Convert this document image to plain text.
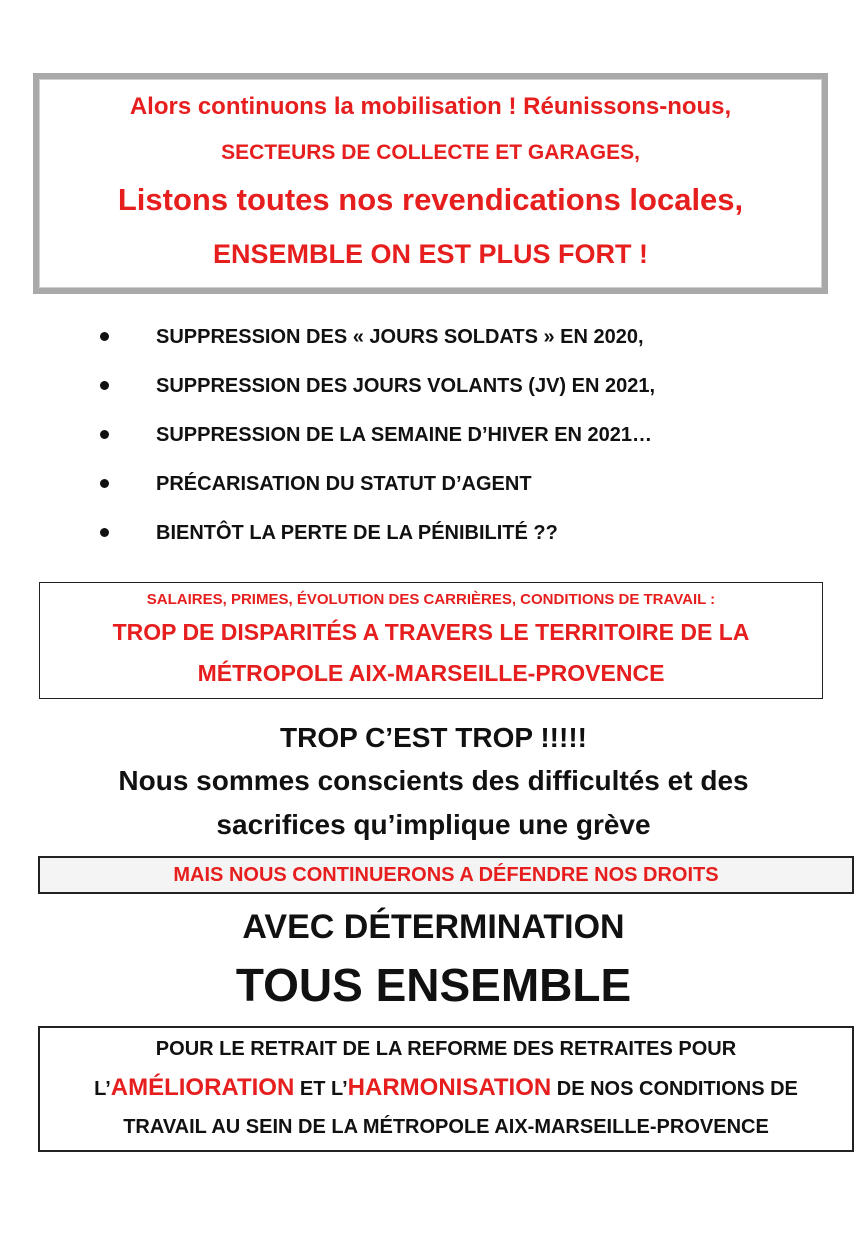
Alors continuons la mobilisation ! Réunissons-nous,
SECTEURS DE COLLECTE ET GARAGES,
Listons toutes nos revendications locales,
ENSEMBLE ON EST PLUS FORT !
SUPPRESSION DES « JOURS SOLDATS » EN 2020,
SUPPRESSION DES JOURS VOLANTS (JV) EN 2021,
SUPPRESSION DE LA SEMAINE D’HIVER EN 2021…
PRÉCARISATION DU STATUT D’AGENT
BIENTÔT LA PERTE DE LA PÉNIBILITÉ ??
SALAIRES, PRIMES, ÉVOLUTION DES CARRIÈRES, CONDITIONS DE TRAVAIL :
TROP DE DISPARITÉS A TRAVERS LE TERRITOIRE DE LA
MÉTROPOLE AIX-MARSEILLE-PROVENCE
TROP C’EST TROP !!!!!
Nous sommes conscients des difficultés et des
sacrifices qu’implique une grève
MAIS NOUS CONTINUERONS A DÉFENDRE NOS DROITS
AVEC DÉTERMINATION
TOUS ENSEMBLE
POUR LE RETRAIT DE LA REFORME DES RETRAITES POUR
L’AMÉLIORATION ET L’HARMONISATION DE NOS CONDITIONS DE
TRAVAIL AU SEIN DE LA MÉTROPOLE AIX-MARSEILLE-PROVENCE
